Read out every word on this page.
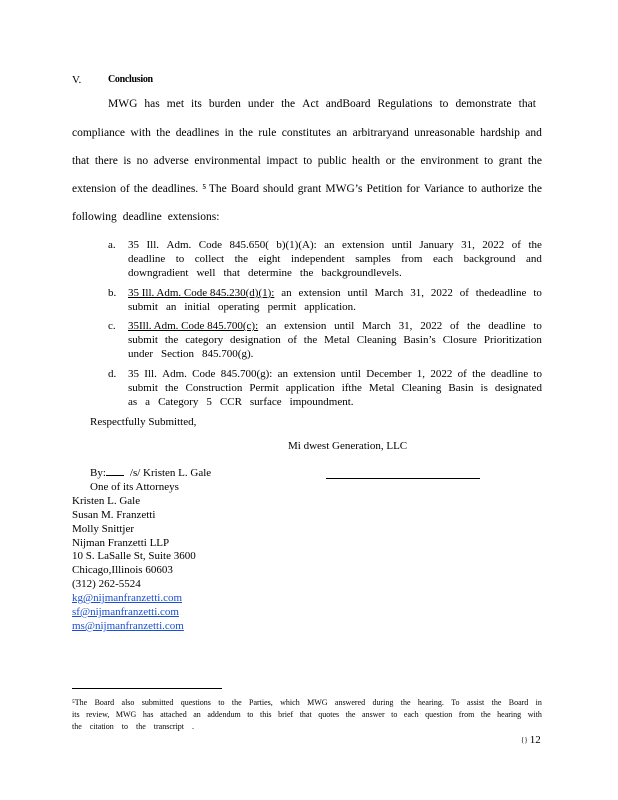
V.	Conclusion
MWG has met its burden under the Act andBoard Regulations to demonstrate that
compliance with the deadlines in the rule constitutes an arbitraryand unreasonable hardship and
that there is no adverse environmental impact to public health or the environment to grant the
extension of the deadlines. ⁵ The Board should grant MWG’s Petition for Variance to authorize the
following deadline extensions:
a. 35 Ill. Adm. Code 845.650( b)(1)(A): an extension until January 31, 2022 of the
deadline to collect the eight independent samples from each background and
downgradient well that determine the backgroundlevels.
b. 35 Ill. Adm. Code 845.230(d)(1): an extension until March 31, 2022 of thedeadline to
submit an initial operating permit application.
c. 35Ill. Adm. Code 845.700(c): an extension until March 31, 2022 of the deadline to
submit the category designation of the Metal Cleaning Basin’s Closure Prioritization
under Section 845.700(g).
d. 35 Ill. Adm. Code 845.700(g): an extension until December 1, 2022 of the deadline to
submit the Construction Permit application ifthe Metal Cleaning Basin is designated
as a Category 5 CCR surface impoundment.
Respectfully Submitted,
Mi dwest Generation, LLC
By: /s/ Kristen L. Gale
One of its Attorneys
Kristen L. Gale
Susan M. Franzetti
Molly Snittjer
Nijman Franzetti LLP
10 S. LaSalle St, Suite 3600
Chicago,Illinois 60603
(312) 262-5524
kg@nijmanfranzetti.com
sf@nijmanfranzetti.com
ms@nijmanfranzetti.com
⁵The Board also submitted questions to the Parties, which MWG answered during the hearing. To assist the Board in
its review, MWG has attached an addendum to this brief that quotes the answer to each question from the hearing with
the citation to the transcript .
{} 12
